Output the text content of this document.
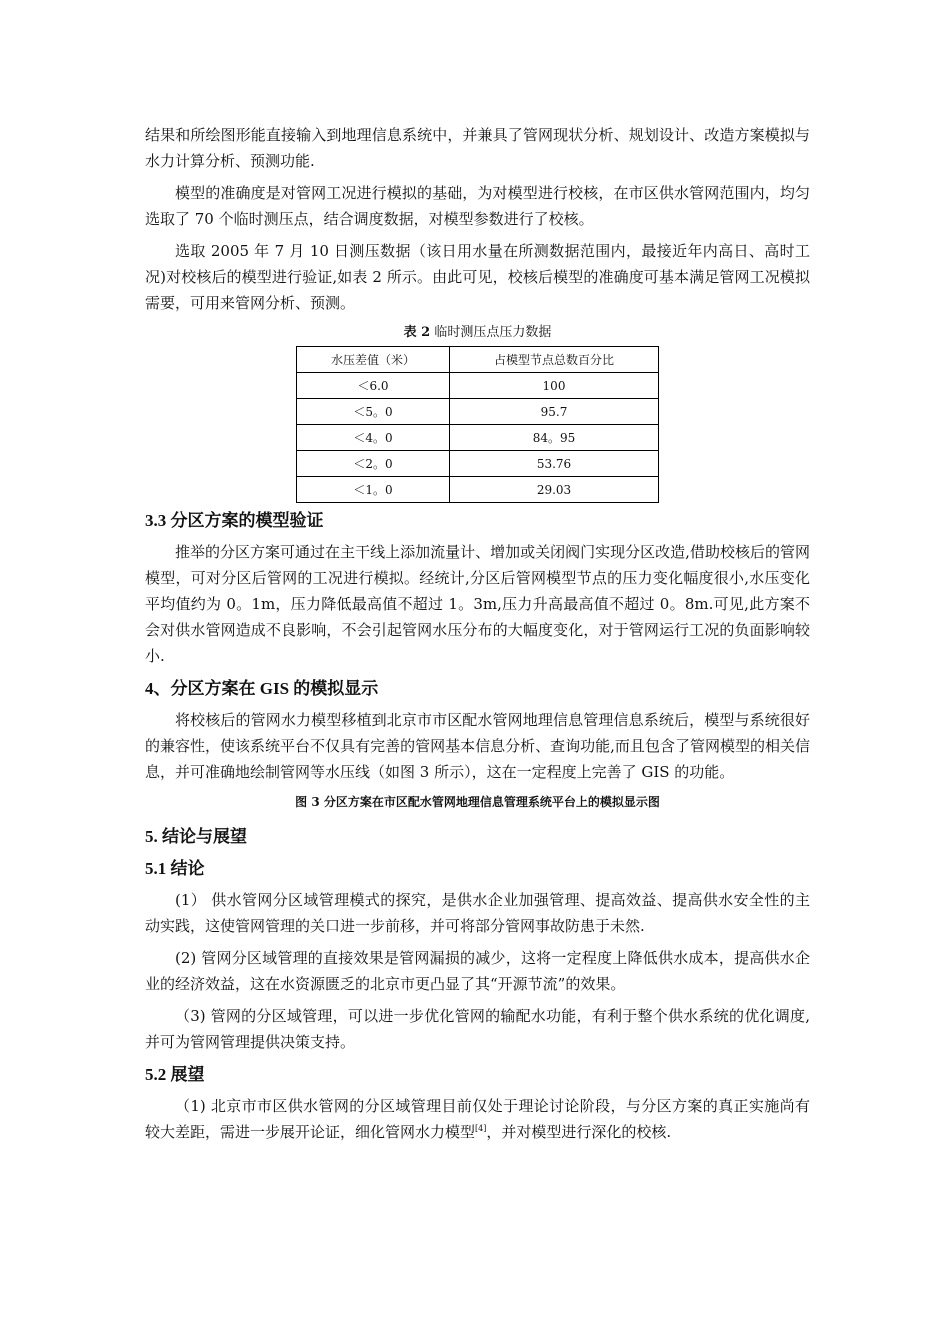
结果和所绘图形能直接输入到地理信息系统中，并兼具了管网现状分析、规划设计、改造方案模拟与水力计算分析、预测功能.

模型的准确度是对管网工况进行模拟的基础，为对模型进行校核，在市区供水管网范围内，均匀选取了 70 个临时测压点，结合调度数据，对模型参数进行了校核。

选取 2005 年 7 月 10 日测压数据（该日用水量在所测数据范围内，最接近年内高日、高时工况)对校核后的模型进行验证,如表 2 所示。由此可见，校核后模型的准确度可基本满足管网工况模拟需要，可用来管网分析、预测。

表 2 临时测压点压力数据
水压差值（米）	占模型节点总数百分比
＜6.0	100
＜5。0	95.7
＜4。0	84。95
＜2。0	53.76
＜1。0	29.03
3.3 分区方案的模型验证

推举的分区方案可通过在主干线上添加流量计、增加或关闭阀门实现分区改造,借助校核后的管网模型，可对分区后管网的工况进行模拟。经统计,分区后管网模型节点的压力变化幅度很小,水压变化平均值约为 0。1m，压力降低最高值不超过 1。3m,压力升高最高值不超过 0。8m.可见,此方案不会对供水管网造成不良影响，不会引起管网水压分布的大幅度变化，对于管网运行工况的负面影响较小.

4、分区方案在 GIS 的模拟显示

将校核后的管网水力模型移植到北京市市区配水管网地理信息管理信息系统后，模型与系统很好的兼容性，使该系统平台不仅具有完善的管网基本信息分析、查询功能,而且包含了管网模型的相关信息，并可准确地绘制管网等水压线（如图 3 所示），这在一定程度上完善了 GIS 的功能。

图 3 分区方案在市区配水管网地理信息管理系统平台上的模拟显示图
5. 结论与展望
5.1 结论

(1） 供水管网分区域管理模式的探究，是供水企业加强管理、提高效益、提高供水安全性的主动实践，这使管网管理的关口进一步前移，并可将部分管网事故防患于未然.

(2) 管网分区域管理的直接效果是管网漏损的减少，这将一定程度上降低供水成本，提高供水企业的经济效益，这在水资源匮乏的北京市更凸显了其“开源节流”的效果。

（3) 管网的分区域管理，可以进一步优化管网的输配水功能，有利于整个供水系统的优化调度,并可为管网管理提供决策支持。

5.2 展望

（1) 北京市市区供水管网的分区域管理目前仅处于理论讨论阶段，与分区方案的真正实施尚有较大差距，需进一步展开论证，细化管网水力模型[4]，并对模型进行深化的校核.
